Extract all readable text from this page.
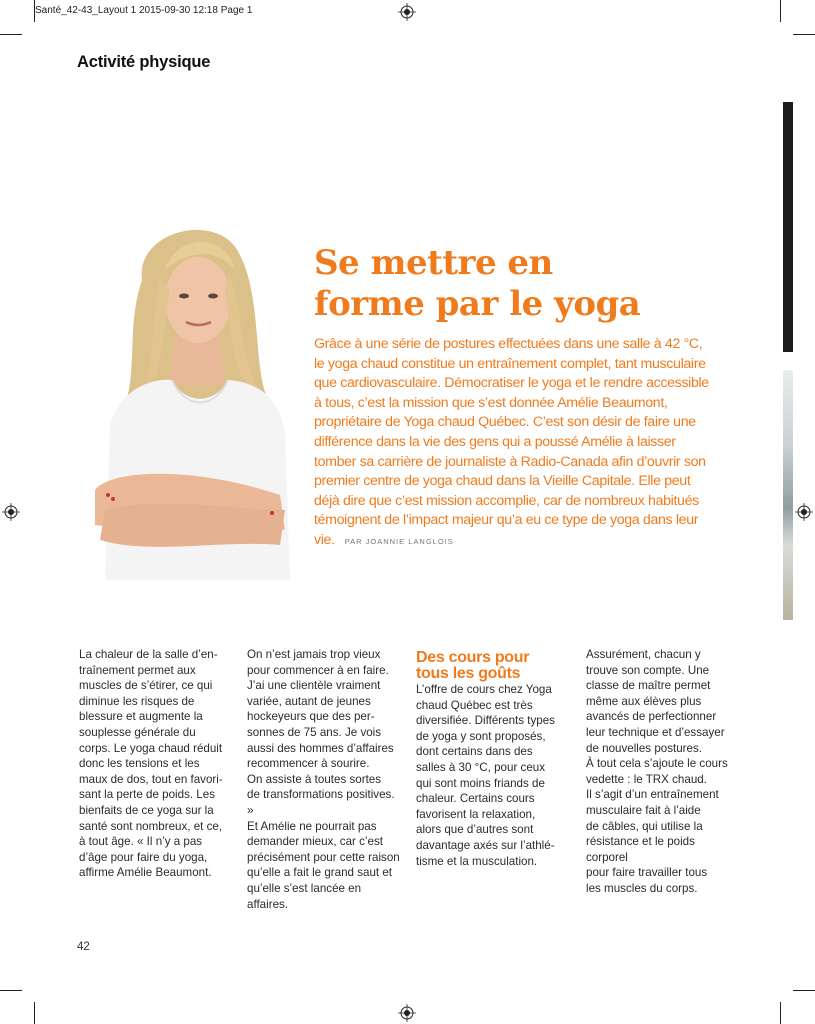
Santé_42-43_Layout 1 2015-09-30 12:18 Page 1
Activité physique
Se mettre en
forme par le yoga

Grâce à une série de postures effectuées dans une salle à 42 °C, le yoga chaud constitue un entraînement complet, tant musculaire que cardiovasculaire. Démocratiser le yoga et le rendre accessible à tous, c’est la mission que s’est donnée Amélie Beaumont, propriétaire de Yoga chaud Québec. C’est son désir de faire une différence dans la vie des gens qui a poussé Amélie à laisser tomber sa carrière de journaliste à Radio-Canada afin d’ouvrir son premier centre de yoga chaud dans la Vieille Capitale. Elle peut déjà dire que c’est mission accomplie, car de nombreux habitués témoignent de l’impact majeur qu’a eu ce type de yoga dans leur vie. PAR JOANNIE LANGLOIS

La chaleur de la salle d’en-
traînement permet aux
muscles de s’étirer, ce qui
diminue les risques de
blessure et augmente la
souplesse générale du
corps. Le yoga chaud réduit
donc les tensions et les
maux de dos, tout en favori-
sant la perte de poids. Les
bienfaits de ce yoga sur la
santé sont nombreux, et ce,
à tout âge. « Il n’y a pas
d’âge pour faire du yoga,
affirme Amélie Beaumont.

On n’est jamais trop vieux
pour commencer à en faire.
J’ai une clientèle vraiment
variée, autant de jeunes
hockeyeurs que des per-
sonnes de 75 ans. Je vois
aussi des hommes d’affaires
recommencer à sourire.
On assiste à toutes sortes
de transformations positives. »
Et Amélie ne pourrait pas
demander mieux, car c’est
précisément pour cette raison
qu’elle a fait le grand saut et
qu’elle s’est lancée en affaires.

Des cours pour
tous les goûts

L’offre de cours chez Yoga
chaud Québec est très
diversifiée. Différents types
de yoga y sont proposés,
dont certains dans des
salles à 30 °C, pour ceux
qui sont moins friands de
chaleur. Certains cours
favorisent la relaxation,
alors que d’autres sont
davantage axés sur l’athlé-
tisme et la musculation.

Assurément, chacun y
trouve son compte. Une
classe de maître permet
même aux élèves plus
avancés de perfectionner
leur technique et d’essayer
de nouvelles postures.
À tout cela s’ajoute le cours
vedette : le TRX chaud.
Il s’agit d’un entraînement
musculaire fait à l’aide
de câbles, qui utilise la
résistance et le poids corporel
pour faire travailler tous
les muscles du corps.

42
